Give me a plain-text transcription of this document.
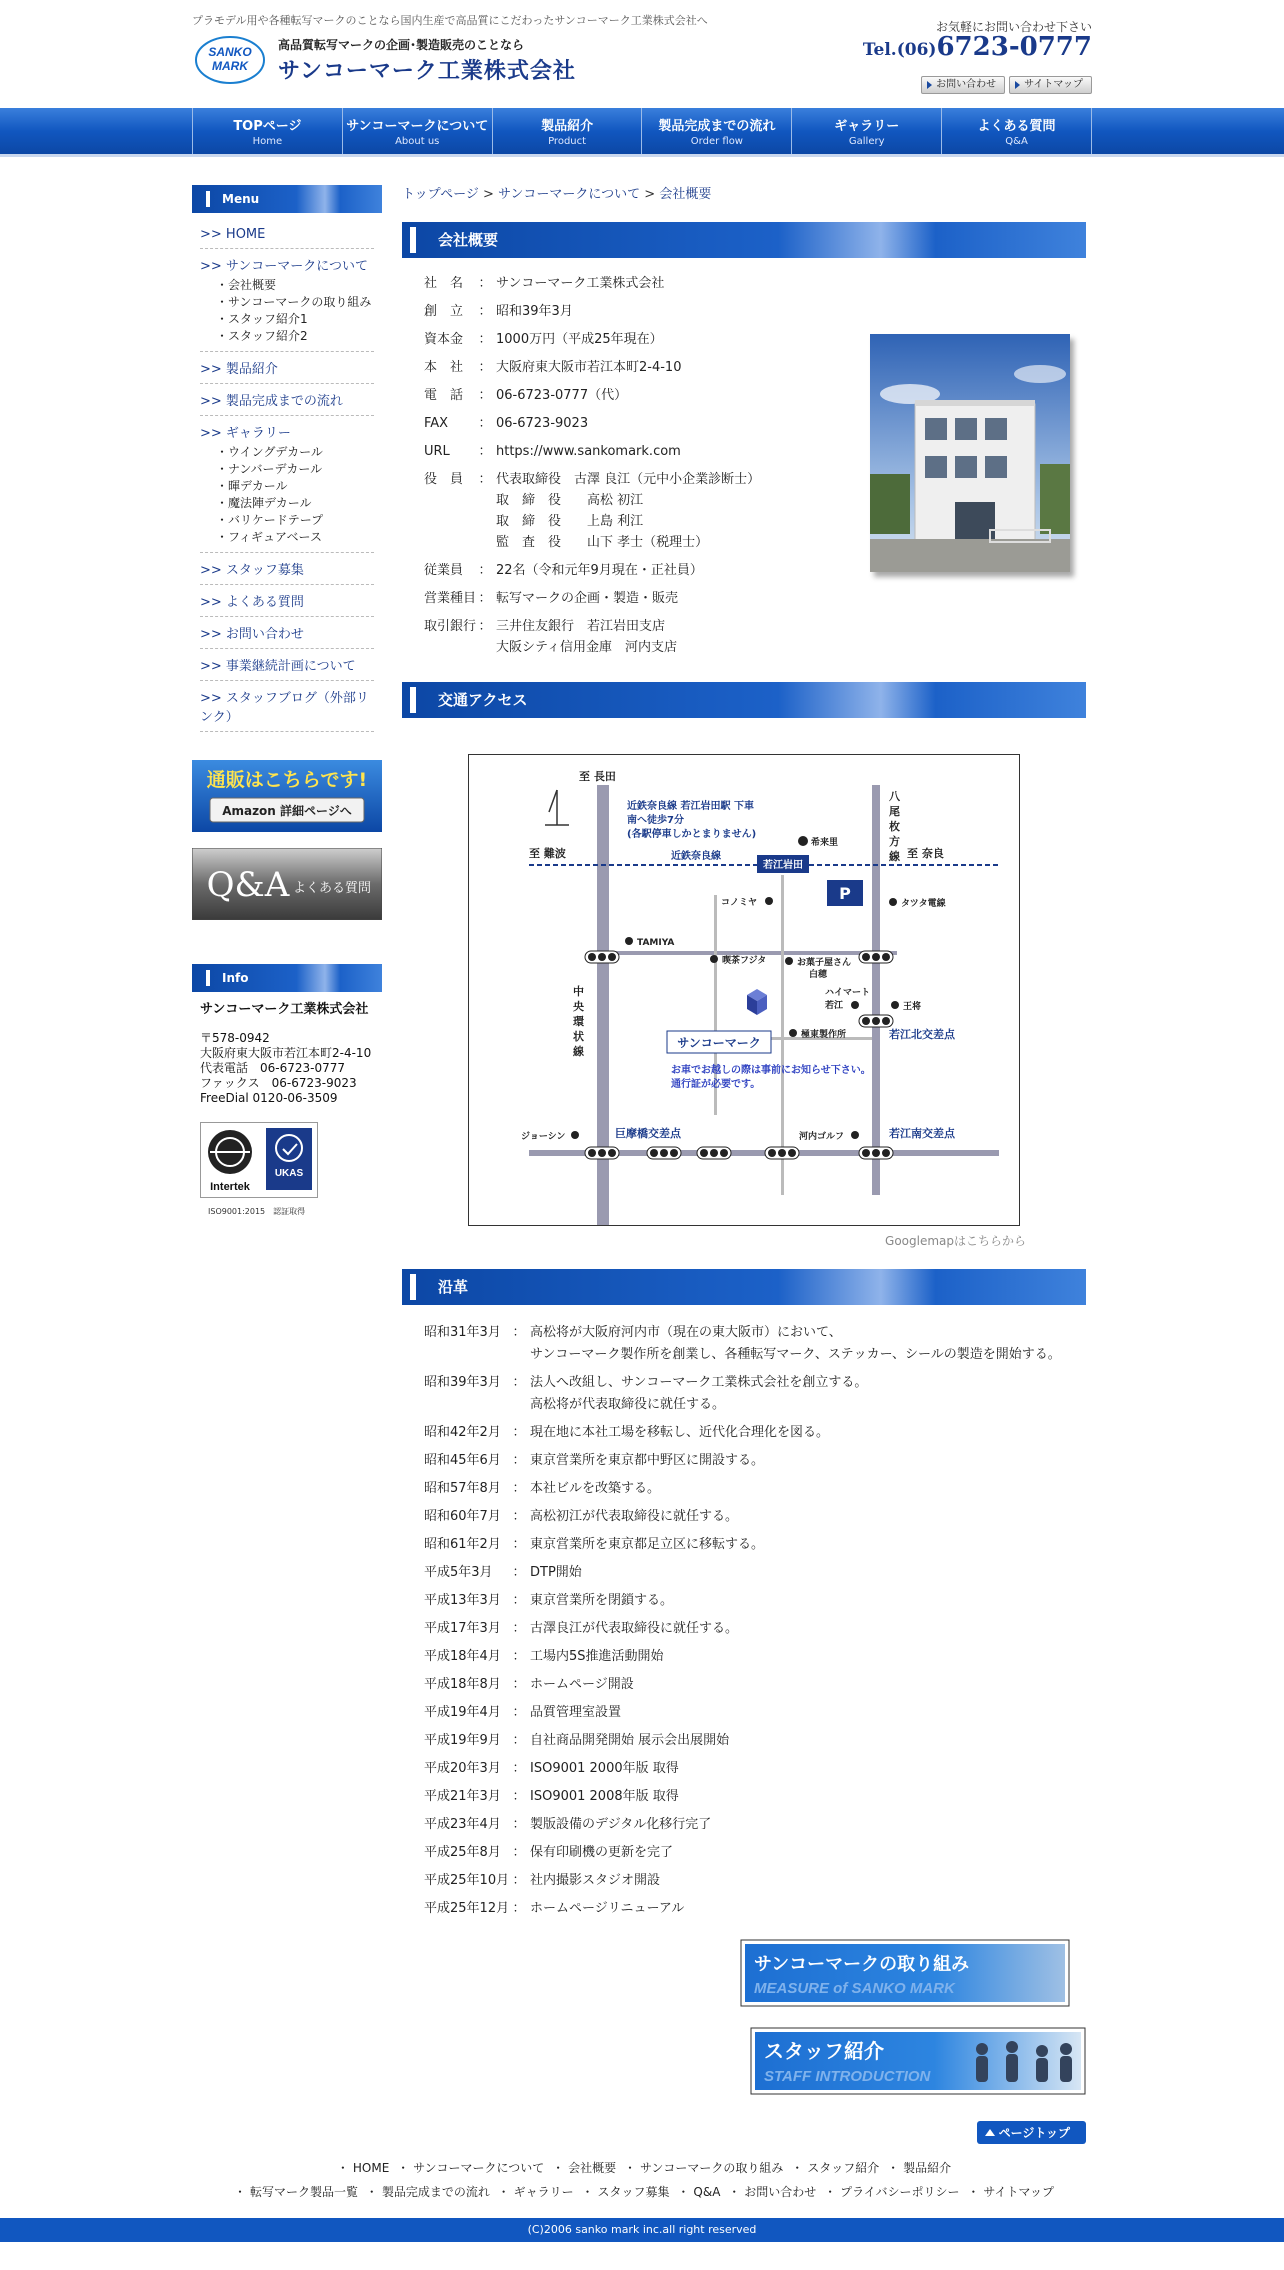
プラモデル用や各種転写マークのことなら国内生産で高品質にこだわったサンコーマーク工業株式会社へ
SANKO
MARK
高品質転写マークの企画･製造販売のことなら
サンコーマーク工業株式会社
お気軽にお問い合わせ下さい
Tel.(06)6723-0777
お問い合わせ	サイトマップ
TOPページ
Home
サンコーマークについて
About us
製品紹介
Product
製品完成までの流れ
Order flow
ギャラリー
Gallery
よくある質問
Q&A
Menu
>> HOME
>> サンコーマークについて
・会社概要
・サンコーマークの取り組み
・スタッフ紹介1
・スタッフ紹介2
>> 製品紹介
>> 製品完成までの流れ
>> ギャラリー
・ウイングデカール
・ナンバーデカール
・暉デカール
・魔法陣デカール
・バリケードテープ
・フィギュアベース
>> スタッフ募集
>> よくある質問
>> お問い合わせ
>> 事業継続計画について
>> スタッフブログ（外部リンク）
通販はこちらです!
Amazon 詳細ページへ

Q&A よくある質問
Info
サンコーマーク工業株式会社
〒578-0942
大阪府東大阪市若江本町2-4-10
代表電話　06-6723-0777
ファックス　06-6723-9023
FreeDial 0120-06-3509
Intertek
UKAS
ISO9001:2015　認証取得
トップページ > サンコーマークについて > 会社概要
会社概要
社　名	： サンコーマーク工業株式会社
創　立	： 昭和39年3月
資本金	： 1000万円（平成25年現在）
本　社	： 大阪府東大阪市若江本町2-4-10
電　話	： 06-6723-0777（代）
FAX	： 06-6723-9023
URL	： https://www.sankomark.com
役　員	： 代表取締役　古澤 良江（元中小企業診断士）
取　締　役　　高松 初江
取　締　役　　上島 利江
監　査　役　　山下 孝士（税理士）
従業員	： 22名（令和元年9月現在・正社員）
営業種目 ： 転写マークの企画・製造・販売
取引銀行 ： 三井住友銀行　若江岩田支店
大阪シティ信用金庫　河内支店
交通アクセス
至 長田
至 難波	至 奈良
八
尾
枚
方
線
中
央
環
状
線
近鉄奈良線 若江岩田駅 下車
南へ徒歩7分
(各駅停車しかとまりません)
近鉄奈良線
若江岩田
希来里
コノミヤ	P
タツタ電線
TAMIYA
喫茶フジタ	お菓子屋さん
白穂
ハイマート
若江	王将
極東製作所	若江北交差点
サンコーマーク
お車でお越しの際は事前にお知らせ下さい。
通行証が必要です。
ジョーシン	巨摩橋交差点	河内ゴルフ	若江南交差点
Googlemapはこちらから
沿革
昭和31年3月 ： 高松将が大阪府河内市（現在の東大阪市）において、
サンコーマーク製作所を創業し、各種転写マーク、ステッカー、シールの製造を開始する。
昭和39年3月 ： 法人へ改組し、サンコーマーク工業株式会社を創立する。
高松将が代表取締役に就任する。
昭和42年2月 ： 現在地に本社工場を移転し、近代化合理化を図る。
昭和45年6月 ： 東京営業所を東京都中野区に開設する。
昭和57年8月 ： 本社ビルを改築する。
昭和60年7月 ： 高松初江が代表取締役に就任する。
昭和61年2月 ： 東京営業所を東京都足立区に移転する。
平成5年3月	： DTP開始
平成13年3月 ： 東京営業所を閉鎖する。
平成17年3月 ： 古澤良江が代表取締役に就任する。
平成18年4月 ： 工場内5S推進活動開始
平成18年8月 ： ホームページ開設
平成19年4月 ： 品質管理室設置
平成19年9月 ： 自社商品開発開始 展示会出展開始
平成20年3月 ： ISO9001 2000年版 取得
平成21年3月 ： ISO9001 2008年版 取得
平成23年4月 ： 製版設備のデジタル化移行完了
平成25年8月 ： 保有印刷機の更新を完了
平成25年10月 ： 社内撮影スタジオ開設
平成25年12月 ： ホームページリニューアル
サンコーマークの取り組み
MEASURE of SANKO MARK
スタッフ紹介
STAFF INTRODUCTION
ページトップ
・ HOME ・ サンコーマークについて ・ 会社概要 ・ サンコーマークの取り組み ・ スタッフ紹介 ・ 製品紹介
・ 転写マーク製品一覧 ・ 製品完成までの流れ ・ ギャラリー ・ スタッフ募集 ・ Q&A ・ お問い合わせ ・ プライバシーポリシー ・ サイトマップ
(C)2006 sanko mark inc.all right reserved
